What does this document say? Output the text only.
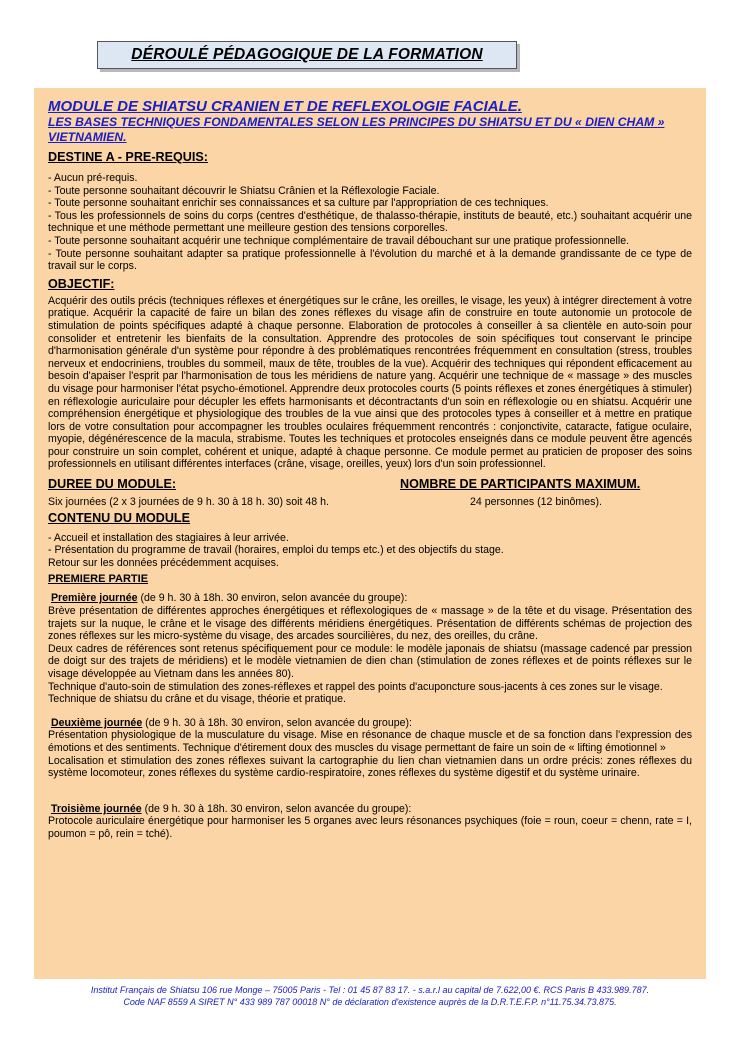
DÉROULÉ PÉDAGOGIQUE DE LA FORMATION
MODULE DE SHIATSU CRANIEN ET DE REFLEXOLOGIE FACIALE.
LES BASES TECHNIQUES FONDAMENTALES SELON LES PRINCIPES DU SHIATSU ET DU « DIEN CHAM » VIETNAMIEN.
DESTINE A - PRE-REQUIS:

- Aucun pré-requis.

- Toute personne souhaitant découvrir le Shiatsu Crânien et la Réflexologie Faciale.

- Toute personne souhaitant enrichir ses connaissances et sa culture par l'appropriation de ces techniques.

- Tous les professionnels de soins du corps (centres d'esthétique, de thalasso-thérapie, instituts de beauté, etc.) souhaitant acquérir une technique et une méthode permettant une meilleure gestion des tensions corporelles.

- Toute personne souhaitant acquérir une technique complémentaire de travail débouchant sur une pratique professionnelle.

- Toute personne souhaitant adapter sa pratique professionnelle à l'évolution du marché et à la demande grandissante de ce type de travail sur le corps.

OBJECTIF:

Acquérir des outils précis (techniques réflexes et énergétiques sur le crâne, les oreilles, le visage, les yeux) à intégrer directement à votre pratique. Acquérir la capacité de faire un bilan des zones réflexes du visage afin de construire en toute autonomie un protocole de stimulation de points spécifiques adapté à chaque personne. Elaboration de protocoles à conseiller à sa clientèle en auto-soin pour consolider et entretenir les bienfaits de la consultation. Apprendre des protocoles de soin spécifiques tout conservant le principe d'harmonisation générale d'un système pour répondre à des problématiques rencontrées fréquemment en consultation (stress, troubles nerveux et endocriniens, troubles du sommeil, maux de tête, troubles de la vue). Acquérir des techniques qui répondent efficacement au besoin d'apaiser l'esprit par l'harmonisation de tous les méridiens de nature yang. Acquérir une technique de « massage » des muscles du visage pour harmoniser l'état psycho-émotionel. Apprendre deux protocoles courts (5 points réflexes et zones énergétiques à stimuler) en réflexologie auriculaire pour décupler les effets harmonisants et décontractants d'un soin en réflexologie ou en shiatsu. Acquérir une compréhension énergétique et physiologique des troubles de la vue ainsi que des protocoles types à conseiller et à mettre en pratique lors de votre consultation pour accompagner les troubles oculaires fréquemment rencontrés : conjonctivite, cataracte, fatigue oculaire, myopie, dégénérescence de la macula, strabisme. Toutes les techniques et protocoles enseignés dans ce module peuvent être agencés pour construire un soin complet, cohérent et unique, adapté à chaque personne. Ce module permet au praticien de proposer des soins professionnels en utilisant différentes interfaces (crâne, visage, oreilles, yeux) lors d'un soin professionnel.

DUREE DU MODULE:
Six journées (2 x 3 journées de 9 h. 30 à 18 h. 30) soit 48 h.
NOMBRE DE PARTICIPANTS MAXIMUM.
24 personnes (12 binômes).
CONTENU DU MODULE

- Accueil et installation des stagiaires à leur arrivée.

- Présentation du programme de travail (horaires, emploi du temps etc.) et des objectifs du stage.

Retour sur les données précédemment acquises.

PREMIERE PARTIE

Première journée (de 9 h. 30 à 18h. 30 environ, selon avancée du groupe):

Brève présentation de différentes approches énergétiques et réflexologiques de « massage » de la tête et du visage. Présentation des trajets sur la nuque, le crâne et le visage des différents méridiens énergétiques. Présentation de différents schémas de projection des zones réflexes sur les micro-système du visage, des arcades sourcilières, du nez, des oreilles, du crâne.

Deux cadres de références sont retenus spécifiquement pour ce module: le modèle japonais de shiatsu (massage cadencé par pression de doigt sur des trajets de méridiens) et le modèle vietnamien de dien chan (stimulation de zones réflexes et de points réflexes sur le visage développée au Vietnam dans les années 80).

Technique d'auto-soin de stimulation des zones-réflexes et rappel des points d'acuponcture sous-jacents à ces zones sur le visage.

Technique de shiatsu du crâne et du visage, théorie et pratique.

Deuxième journée (de 9 h. 30 à 18h. 30 environ, selon avancée du groupe):

Présentation physiologique de la musculature du visage. Mise en résonance de chaque muscle et de sa fonction dans l'expression des émotions et des sentiments. Technique d'étirement doux des muscles du visage permettant de faire un soin de « lifting émotionnel »

Localisation et stimulation des zones réflexes suivant la cartographie du lien chan vietnamien dans un ordre précis: zones réflexes du système locomoteur, zones réflexes du système cardio-respiratoire, zones réflexes du système digestif et du système urinaire.

Troisième journée (de 9 h. 30 à 18h. 30 environ, selon avancée du groupe):

Protocole auriculaire énergétique pour harmoniser les 5 organes avec leurs résonances psychiques (foie = roun, coeur = chenn, rate = I, poumon = pô, rein = tché).

Institut Français de Shiatsu 106 rue Monge – 75005 Paris - Tel : 01 45 87 83 17. - s.a.r.l au capital de 7.622,00 €. RCS Paris B 433.989.787.
Code NAF 8559 A SIRET N° 433 989 787 00018 N° de déclaration d'existence auprès de la D.R.T.E.F.P. n°11.75.34.73.875.
